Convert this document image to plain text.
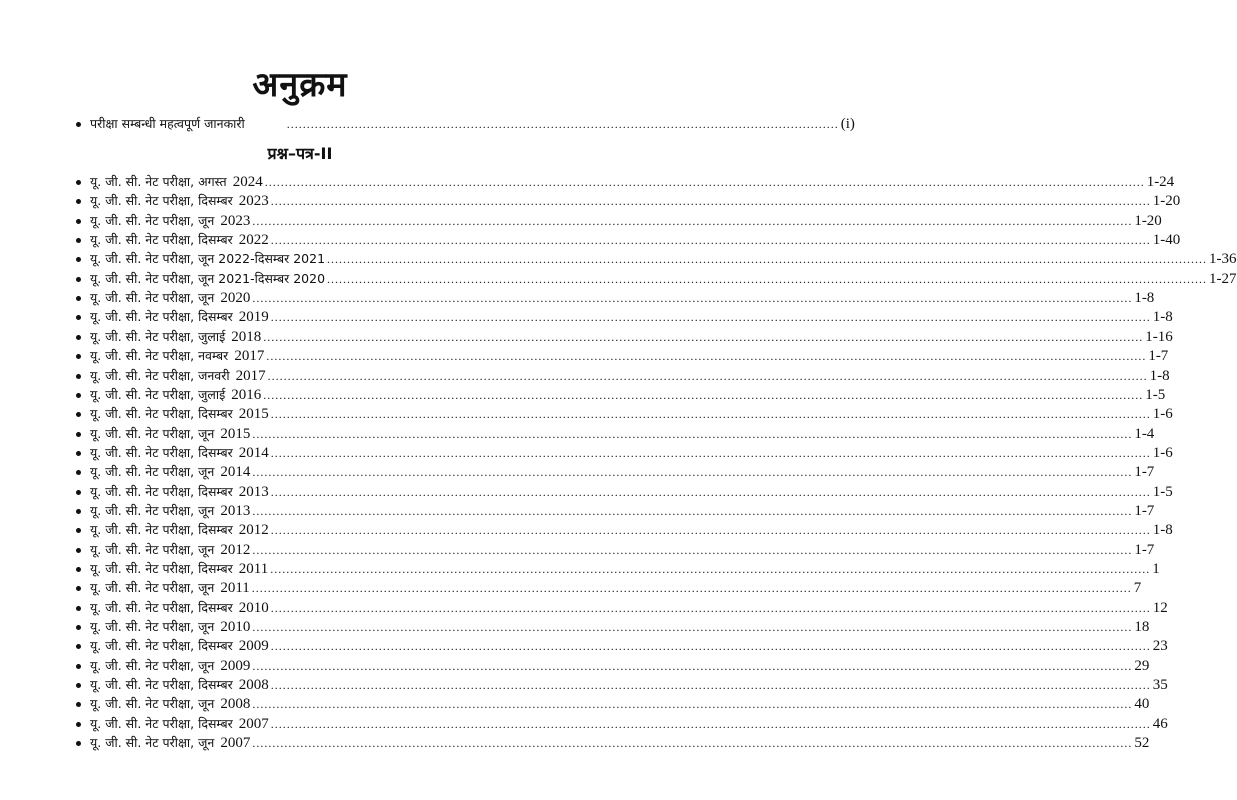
अनुक्रम
परीक्षा सम्बन्धी महत्वपूर्ण जानकारी	.......................................................................................................................................... (i)
प्रश्न–पत्र-II
यू. जी. सी. नेट परीक्षा, अगस्त 2024 ............................................................................................................................................................................................................................ 1-24
यू. जी. सी. नेट परीक्षा, दिसम्बर 2023 ............................................................................................................................................................................................................................ 1-20
यू. जी. सी. नेट परीक्षा, जून 2023 ............................................................................................................................................................................................................................ 1-20
यू. जी. सी. नेट परीक्षा, दिसम्बर 2022 ............................................................................................................................................................................................................................ 1-40
यू. जी. सी. नेट परीक्षा, जून 2022-दिसम्बर 2021 ............................................................................................................................................................................................................................ 1-36
यू. जी. सी. नेट परीक्षा, जून 2021-दिसम्बर 2020 ............................................................................................................................................................................................................................ 1-27
यू. जी. सी. नेट परीक्षा, जून 2020 ............................................................................................................................................................................................................................ 1-8
यू. जी. सी. नेट परीक्षा, दिसम्बर 2019 ............................................................................................................................................................................................................................ 1-8
यू. जी. सी. नेट परीक्षा, जुलाई 2018 ............................................................................................................................................................................................................................ 1-16
यू. जी. सी. नेट परीक्षा, नवम्बर 2017 ............................................................................................................................................................................................................................ 1-7
यू. जी. सी. नेट परीक्षा, जनवरी 2017 ............................................................................................................................................................................................................................ 1-8
यू. जी. सी. नेट परीक्षा, जुलाई 2016 ............................................................................................................................................................................................................................ 1-5
यू. जी. सी. नेट परीक्षा, दिसम्बर 2015 ............................................................................................................................................................................................................................ 1-6
यू. जी. सी. नेट परीक्षा, जून 2015 ............................................................................................................................................................................................................................ 1-4
यू. जी. सी. नेट परीक्षा, दिसम्बर 2014 ............................................................................................................................................................................................................................ 1-6
यू. जी. सी. नेट परीक्षा, जून 2014 ............................................................................................................................................................................................................................ 1-7
यू. जी. सी. नेट परीक्षा, दिसम्बर 2013 ............................................................................................................................................................................................................................ 1-5
यू. जी. सी. नेट परीक्षा, जून 2013 ............................................................................................................................................................................................................................ 1-7
यू. जी. सी. नेट परीक्षा, दिसम्बर 2012 ............................................................................................................................................................................................................................ 1-8
यू. जी. सी. नेट परीक्षा, जून 2012 ............................................................................................................................................................................................................................ 1-7
यू. जी. सी. नेट परीक्षा, दिसम्बर 2011 ............................................................................................................................................................................................................................ 1
यू. जी. सी. नेट परीक्षा, जून 2011 ............................................................................................................................................................................................................................ 7
यू. जी. सी. नेट परीक्षा, दिसम्बर 2010 ............................................................................................................................................................................................................................ 12
यू. जी. सी. नेट परीक्षा, जून 2010 ............................................................................................................................................................................................................................ 18
यू. जी. सी. नेट परीक्षा, दिसम्बर 2009 ............................................................................................................................................................................................................................ 23
यू. जी. सी. नेट परीक्षा, जून 2009 ............................................................................................................................................................................................................................ 29
यू. जी. सी. नेट परीक्षा, दिसम्बर 2008 ............................................................................................................................................................................................................................ 35
यू. जी. सी. नेट परीक्षा, जून 2008 ............................................................................................................................................................................................................................ 40
यू. जी. सी. नेट परीक्षा, दिसम्बर 2007 ............................................................................................................................................................................................................................ 46
यू. जी. सी. नेट परीक्षा, जून 2007 ............................................................................................................................................................................................................................ 52
